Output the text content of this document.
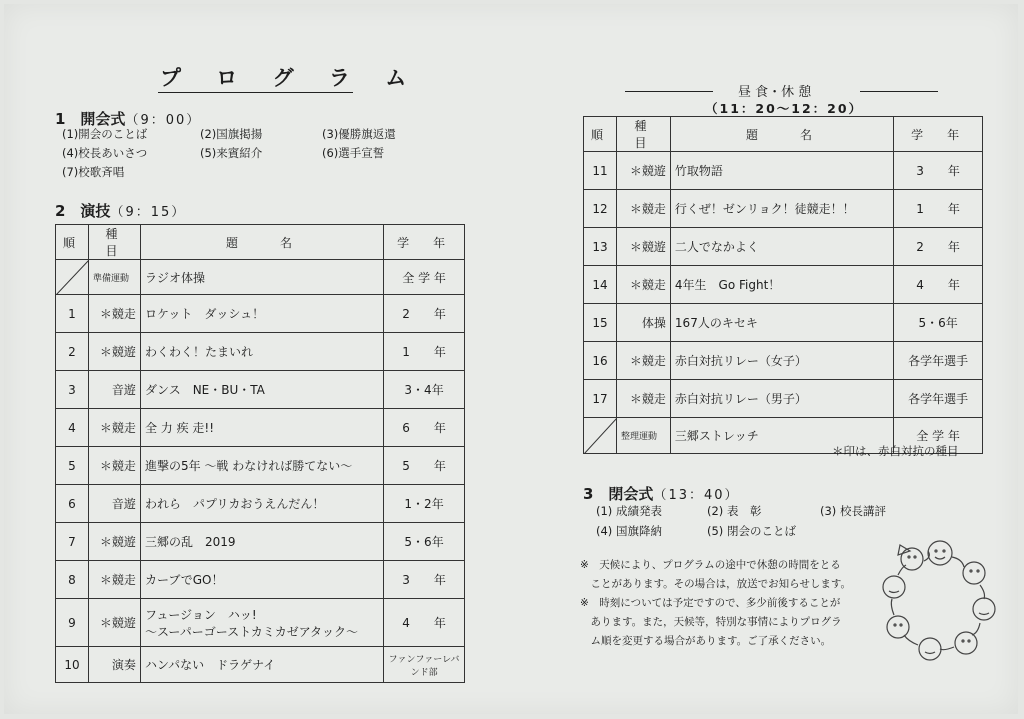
プ ロ グ ラ ム
1　開会式（9：00）
(1)開会のことば	(2)国旗掲揚	(3)優勝旗返還
(4)校長あいさつ	(5)来賓紹介	(6)選手宣誓
(7)校歌斉唱
2　演技（9：15）
順	種　目	題　　名	学　年

	準備運動	ラジオ体操	全 学 年
1	＊競走	ロケット　ダッシュ！	2　　年
2	＊競遊	わくわく！たまいれ	1　　年
3	音遊	ダンス　NE・BU・TA	3・4年
4	＊競走	全 力 疾 走!!	6　　年
5	＊競走	進撃の5年 ～戦 わなければ勝てない～	5　　年
6	音遊	われら　パプリカおうえんだん！	1・2年
7	＊競遊	三郷の乱　2019	5・6年
8	＊競走	カーブでGO！	3　　年
9	＊競遊	フュージョン　ハッ!
～スーパーゴーストカミカゼアタック～	4　　年
10	演奏	ハンパない　ドラゲナイ	ファンファーレバンド部
昼 食・休 憩
（11：20～12：20）
順	種　目	題　　名	学　年
11	＊競遊	竹取物語	3　　年
12	＊競走	行くぜ！ゼンリョク！徒競走！！	1　　年
13	＊競遊	二人でなかよく	2　　年
14	＊競走	4年生　Go Fight！	4　　年
15	体操	167人のキセキ	5・6年
16	＊競走	赤白対抗リレー（女子）	各学年選手
17	＊競走	赤白対抗リレー（男子）	各学年選手

	整理運動	三郷ストレッチ	全 学 年
＊印は、赤白対抗の種目
3　閉会式（13：40）
(1) 成績発表	(2) 表　彰	(3) 校長講評
(4) 国旗降納	(5) 閉会のことば
※　天候により、プログラムの途中で休憩の時間をとる
　ことがあります。その場合は，放送でお知らせします。
※　時刻については予定ですので、多少前後することが
　あります。また，天候等，特別な事情によりプログラ
　ム順を変更する場合があります。ご了承ください。
